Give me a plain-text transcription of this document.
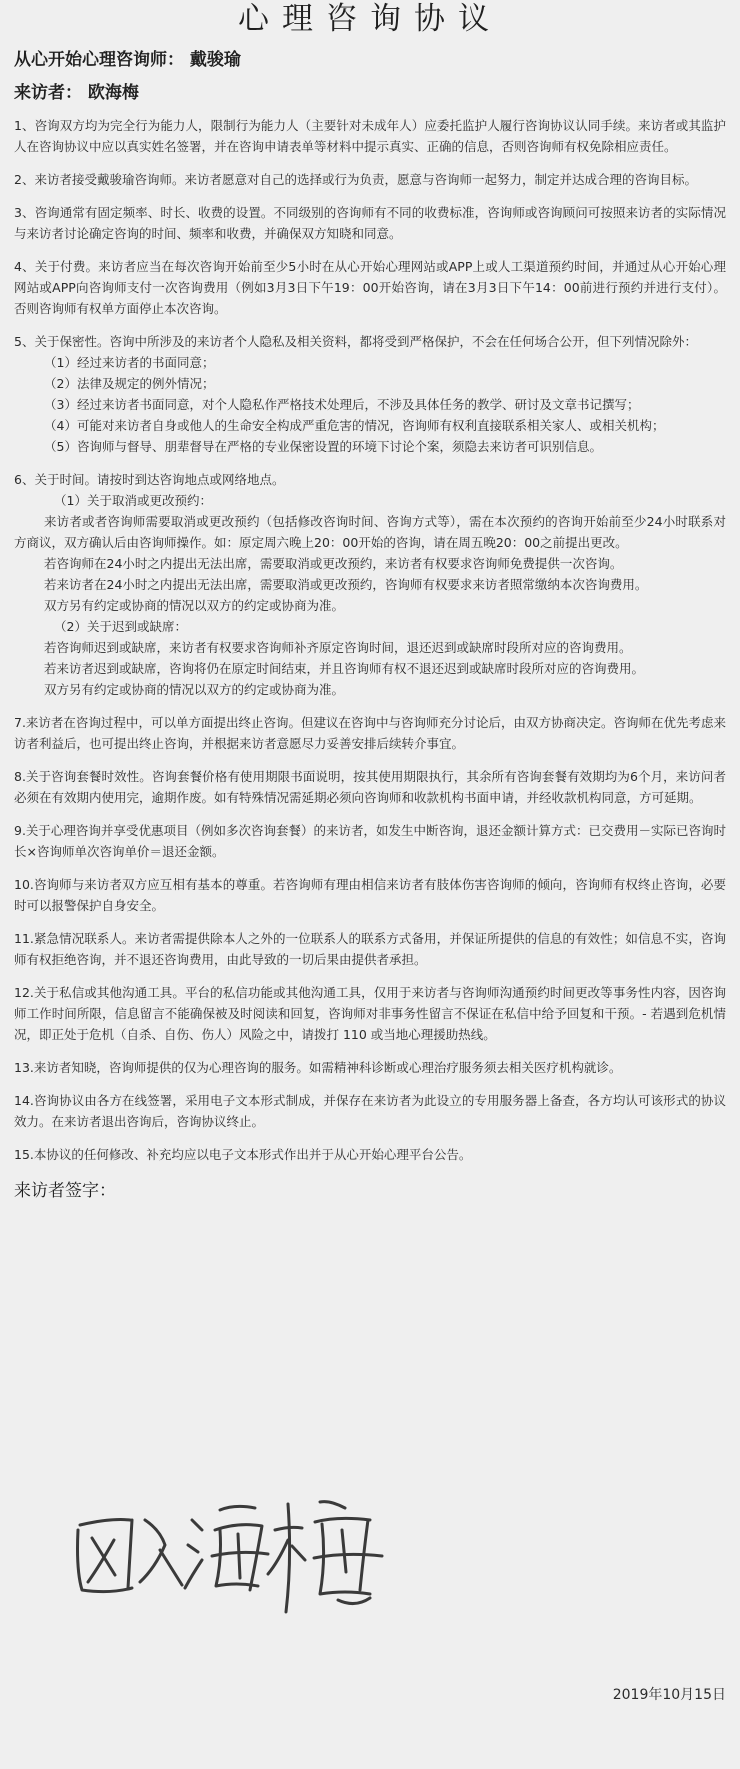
心理咨询协议

从心开始心理咨询师： 戴骏瑜

来访者： 欧海梅

1、咨询双方均为完全行为能力人，限制行为能力人（主要针对未成年人）应委托监护人履行咨询协议认同手续。来访者或其监护人在咨询协议中应以真实姓名签署，并在咨询申请表单等材料中提示真实、正确的信息，否则咨询师有权免除相应责任。

2、来访者接受戴骏瑜咨询师。来访者愿意对自己的选择或行为负责，愿意与咨询师一起努力，制定并达成合理的咨询目标。

3、咨询通常有固定频率、时长、收费的设置。不同级别的咨询师有不同的收费标准，咨询师或咨询顾问可按照来访者的实际情况与来访者讨论确定咨询的时间、频率和收费，并确保双方知晓和同意。

4、关于付费。来访者应当在每次咨询开始前至少5小时在从心开始心理网站或APP上或人工渠道预约时间，并通过从心开始心理网站或APP向咨询师支付一次咨询费用（例如3月3日下午19：00开始咨询，请在3月3日下午14：00前进行预约并进行支付）。否则咨询师有权单方面停止本次咨询。

5、关于保密性。咨询中所涉及的来访者个人隐私及相关资料，都将受到严格保护，不会在任何场合公开，但下列情况除外：

（1）经过来访者的书面同意；

（2）法律及规定的例外情况；

（3）经过来访者书面同意，对个人隐私作严格技术处理后，不涉及具体任务的教学、研讨及文章书记撰写；

（4）可能对来访者自身或他人的生命安全构成严重危害的情况，咨询师有权利直接联系相关家人、或相关机构；

（5）咨询师与督导、朋辈督导在严格的专业保密设置的环境下讨论个案，须隐去来访者可识别信息。

6、关于时间。请按时到达咨询地点或网络地点。

（1）关于取消或更改预约：

来访者或者咨询师需要取消或更改预约（包括修改咨询时间、咨询方式等），需在本次预约的咨询开始前至少24小时联系对方商议，双方确认后由咨询师操作。如：原定周六晚上20：00开始的咨询，请在周五晚20：00之前提出更改。

若咨询师在24小时之内提出无法出席，需要取消或更改预约，来访者有权要求咨询师免费提供一次咨询。

若来访者在24小时之内提出无法出席，需要取消或更改预约，咨询师有权要求来访者照常缴纳本次咨询费用。

双方另有约定或协商的情况以双方的约定或协商为准。

（2）关于迟到或缺席：

若咨询师迟到或缺席，来访者有权要求咨询师补齐原定咨询时间，退还迟到或缺席时段所对应的咨询费用。

若来访者迟到或缺席，咨询将仍在原定时间结束，并且咨询师有权不退还迟到或缺席时段所对应的咨询费用。

双方另有约定或协商的情况以双方的约定或协商为准。

7.来访者在咨询过程中，可以单方面提出终止咨询。但建议在咨询中与咨询师充分讨论后，由双方协商决定。咨询师在优先考虑来访者利益后，也可提出终止咨询，并根据来访者意愿尽力妥善安排后续转介事宜。

8.关于咨询套餐时效性。咨询套餐价格有使用期限书面说明，按其使用期限执行，其余所有咨询套餐有效期均为6个月，来访问者必须在有效期内使用完，逾期作废。如有特殊情况需延期必须向咨询师和收款机构书面申请，并经收款机构同意，方可延期。

9.关于心理咨询并享受优惠项目（例如多次咨询套餐）的来访者，如发生中断咨询，退还金额计算方式：已交费用－实际已咨询时长×咨询师单次咨询单价＝退还金额。

10.咨询师与来访者双方应互相有基本的尊重。若咨询师有理由相信来访者有肢体伤害咨询师的倾向，咨询师有权终止咨询，必要时可以报警保护自身安全。

11.紧急情况联系人。来访者需提供除本人之外的一位联系人的联系方式备用，并保证所提供的信息的有效性；如信息不实，咨询师有权拒绝咨询，并不退还咨询费用，由此导致的一切后果由提供者承担。

12.关于私信或其他沟通工具。平台的私信功能或其他沟通工具，仅用于来访者与咨询师沟通预约时间更改等事务性内容，因咨询师工作时间所限，信息留言不能确保被及时阅读和回复，咨询师对非事务性留言不保证在私信中给予回复和干预。- 若遇到危机情况，即正处于危机（自杀、自伤、伤人）风险之中，请拨打 110 或当地心理援助热线。

13.来访者知晓，咨询师提供的仅为心理咨询的服务。如需精神科诊断或心理治疗服务须去相关医疗机构就诊。

14.咨询协议由各方在线签署，采用电子文本形式制成，并保存在来访者为此设立的专用服务器上备查，各方均认可该形式的协议效力。在来访者退出咨询后，咨询协议终止。

15.本协议的任何修改、补充均应以电子文本形式作出并于从心开始心理平台公告。

来访者签字：

2019年10月15日
